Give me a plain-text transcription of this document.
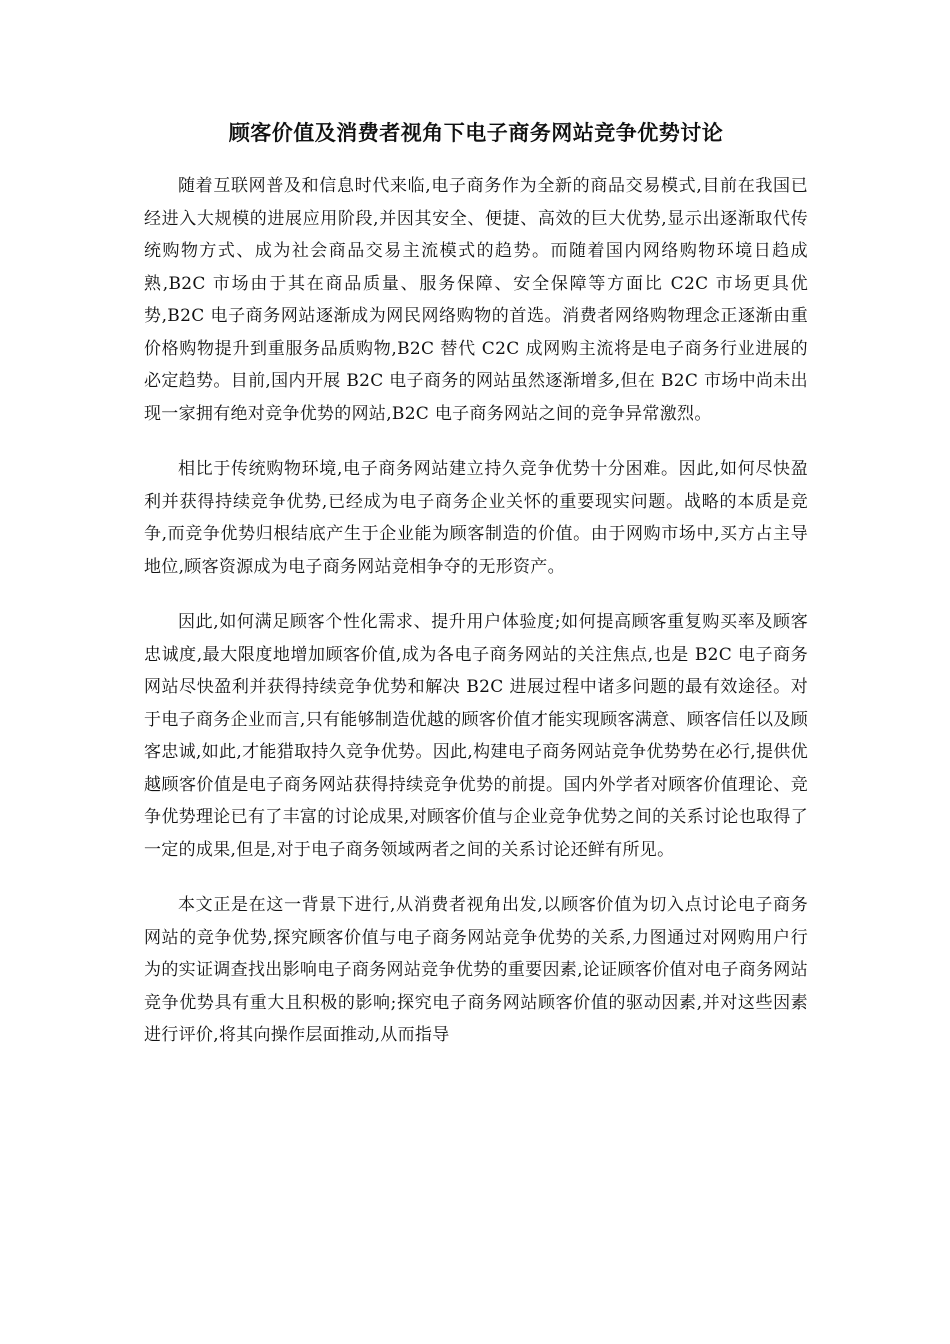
顾客价值及消费者视角下电子商务网站竞争优势讨论

随着互联网普及和信息时代来临,电子商务作为全新的商品交易模式,目前在我国已经进入大规模的进展应用阶段,并因其安全、便捷、高效的巨大优势,显示出逐渐取代传统购物方式、成为社会商品交易主流模式的趋势。而随着国内网络购物环境日趋成熟,B2C 市场由于其在商品质量、服务保障、安全保障等方面比 C2C 市场更具优势,B2C 电子商务网站逐渐成为网民网络购物的首选。消费者网络购物理念正逐渐由重价格购物提升到重服务品质购物,B2C 替代 C2C 成网购主流将是电子商务行业进展的必定趋势。目前,国内开展 B2C 电子商务的网站虽然逐渐增多,但在 B2C 市场中尚未出现一家拥有绝对竞争优势的网站,B2C 电子商务网站之间的竞争异常激烈。

相比于传统购物环境,电子商务网站建立持久竞争优势十分困难。因此,如何尽快盈利并获得持续竞争优势,已经成为电子商务企业关怀的重要现实问题。战略的本质是竞争,而竞争优势归根结底产生于企业能为顾客制造的价值。由于网购市场中,买方占主导地位,顾客资源成为电子商务网站竞相争夺的无形资产。

因此,如何满足顾客个性化需求、提升用户体验度;如何提高顾客重复购买率及顾客忠诚度,最大限度地增加顾客价值,成为各电子商务网站的关注焦点,也是 B2C 电子商务网站尽快盈利并获得持续竞争优势和解决 B2C 进展过程中诸多问题的最有效途径。对于电子商务企业而言,只有能够制造优越的顾客价值才能实现顾客满意、顾客信任以及顾客忠诚,如此,才能猎取持久竞争优势。因此,构建电子商务网站竞争优势势在必行,提供优越顾客价值是电子商务网站获得持续竞争优势的前提。国内外学者对顾客价值理论、竞争优势理论已有了丰富的讨论成果,对顾客价值与企业竞争优势之间的关系讨论也取得了一定的成果,但是,对于电子商务领域两者之间的关系讨论还鲜有所见。

本文正是在这一背景下进行,从消费者视角出发,以顾客价值为切入点讨论电子商务网站的竞争优势,探究顾客价值与电子商务网站竞争优势的关系,力图通过对网购用户行为的实证调查找出影响电子商务网站竞争优势的重要因素,论证顾客价值对电子商务网站竞争优势具有重大且积极的影响;探究电子商务网站顾客价值的驱动因素,并对这些因素进行评价,将其向操作层面推动,从而指导
